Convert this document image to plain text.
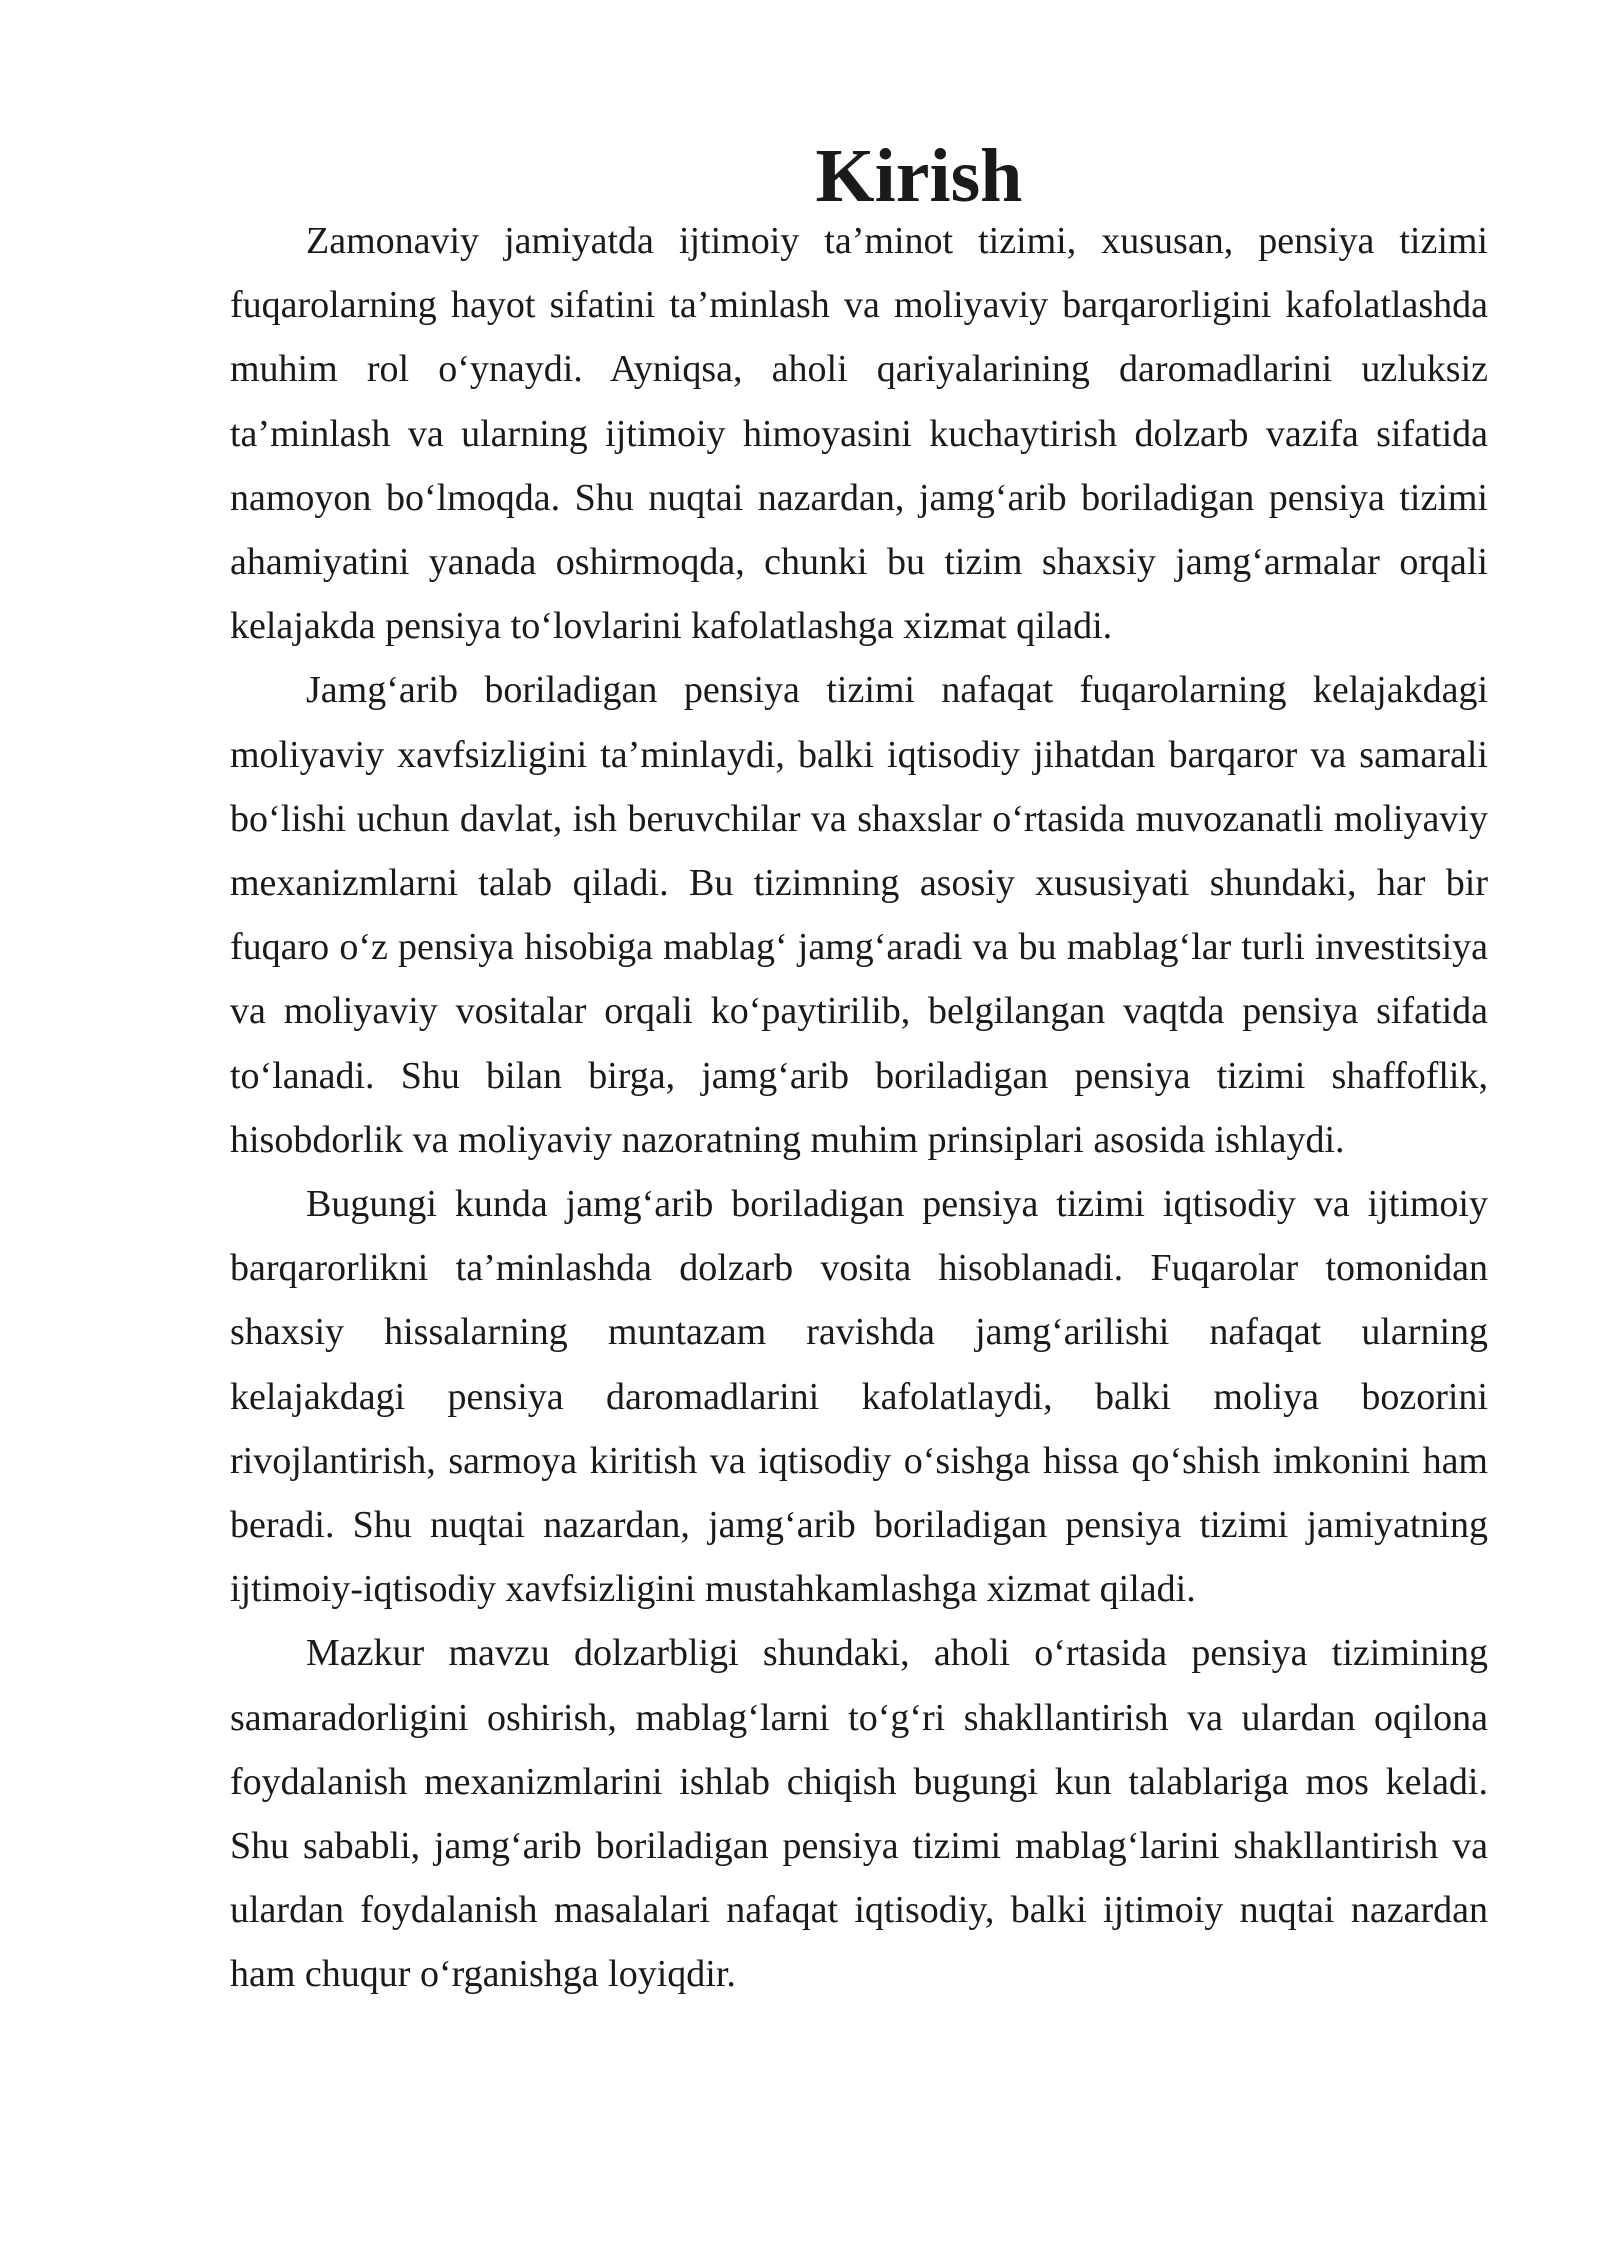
Kirish

Zamonaviy jamiyatda ijtimoiy ta’minot tizimi, xususan, pensiya tizimi fuqarolarning hayot sifatini ta’minlash va moliyaviy barqarorligini kafolatlashda muhim rol o‘ynaydi. Ayniqsa, aholi qariyalarining daromadlarini uzluksiz ta’minlash va ularning ijtimoiy himoyasini kuchaytirish dolzarb vazifa sifatida namoyon bo‘lmoqda. Shu nuqtai nazardan, jamg‘arib boriladigan pensiya tizimi ahamiyatini yanada oshirmoqda, chunki bu tizim shaxsiy jamg‘armalar orqali kelajakda pensiya to‘lovlarini kafolatlashga xizmat qiladi.

Jamg‘arib boriladigan pensiya tizimi nafaqat fuqarolarning kelajakdagi moliyaviy xavfsizligini ta’minlaydi, balki iqtisodiy jihatdan barqaror va samarali bo‘lishi uchun davlat, ish beruvchilar va shaxslar o‘rtasida muvozanatli moliyaviy mexanizmlarni talab qiladi. Bu tizimning asosiy xususiyati shundaki, har bir fuqaro o‘z pensiya hisobiga mablag‘ jamg‘aradi va bu mablag‘lar turli investitsiya va moliyaviy vositalar orqali ko‘paytirilib, belgilangan vaqtda pensiya sifatida to‘lanadi. Shu bilan birga, jamg‘arib boriladigan pensiya tizimi shaffoflik, hisobdorlik va moliyaviy nazoratning muhim prinsiplari asosida ishlaydi.

Bugungi kunda jamg‘arib boriladigan pensiya tizimi iqtisodiy va ijtimoiy barqarorlikni ta’minlashda dolzarb vosita hisoblanadi. Fuqarolar tomonidan shaxsiy hissalarning muntazam ravishda jamg‘arilishi nafaqat ularning kelajakdagi pensiya daromadlarini kafolatlaydi, balki moliya bozorini rivojlantirish, sarmoya kiritish va iqtisodiy o‘sishga hissa qo‘shish imkonini ham beradi. Shu nuqtai nazardan, jamg‘arib boriladigan pensiya tizimi jamiyatning ijtimoiy-iqtisodiy xavfsizligini mustahkamlashga xizmat qiladi.

Mazkur mavzu dolzarbligi shundaki, aholi o‘rtasida pensiya tizimining samaradorligini oshirish, mablag‘larni to‘g‘ri shakllantirish va ulardan oqilona foydalanish mexanizmlarini ishlab chiqish bugungi kun talablariga mos keladi. Shu sababli, jamg‘arib boriladigan pensiya tizimi mablag‘larini shakllantirish va ulardan foydalanish masalalari nafaqat iqtisodiy, balki ijtimoiy nuqtai nazardan ham chuqur o‘rganishga loyiqdir.
